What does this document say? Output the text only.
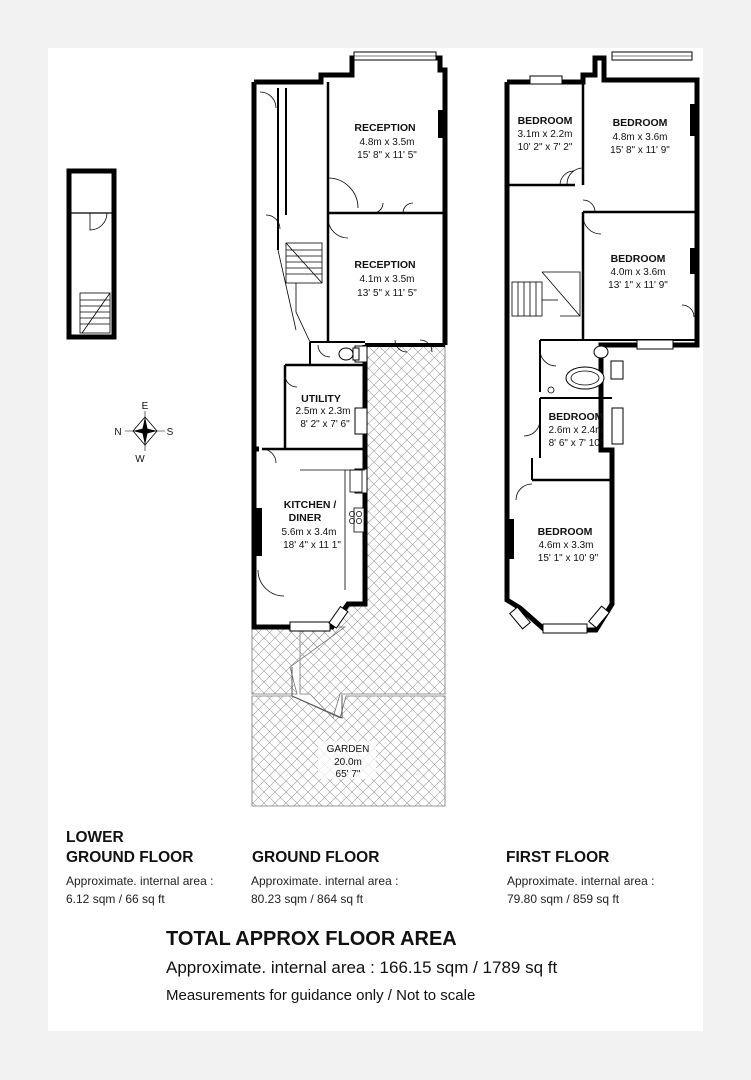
N
E
S
W
RECEPTION
4.8m x 3.5m
15' 8" x 11' 5"
RECEPTION
4.1m x 3.5m
13' 5" x 11' 5"
UTILITY
2.5m x 2.3m
8' 2" x 7' 6"
KITCHEN /
DINER
5.6m x 3.4m
18' 4" x 11 1"
GARDEN
20.0m
65' 7"
BEDROOM
3.1m x 2.2m
10' 2" x 7' 2"
BEDROOM
4.8m x 3.6m
15' 8" x 11' 9"
BEDROOM
4.0m x 3.6m
13' 1" x 11' 9"
BEDROOM
2.6m x 2.4m
8' 6" x 7' 10"
BEDROOM
4.6m x 3.3m
15' 1" x 10' 9"
LOWER
GROUND FLOOR
Approximate. internal area :
6.12 sqm / 66 sq ft
GROUND FLOOR
Approximate. internal area :
80.23 sqm / 864 sq ft
FIRST FLOOR
Approximate. internal area :
79.80 sqm / 859 sq ft
TOTAL APPROX FLOOR AREA
Approximate. internal area : 166.15 sqm / 1789 sq ft
Measurements for guidance only / Not to scale
